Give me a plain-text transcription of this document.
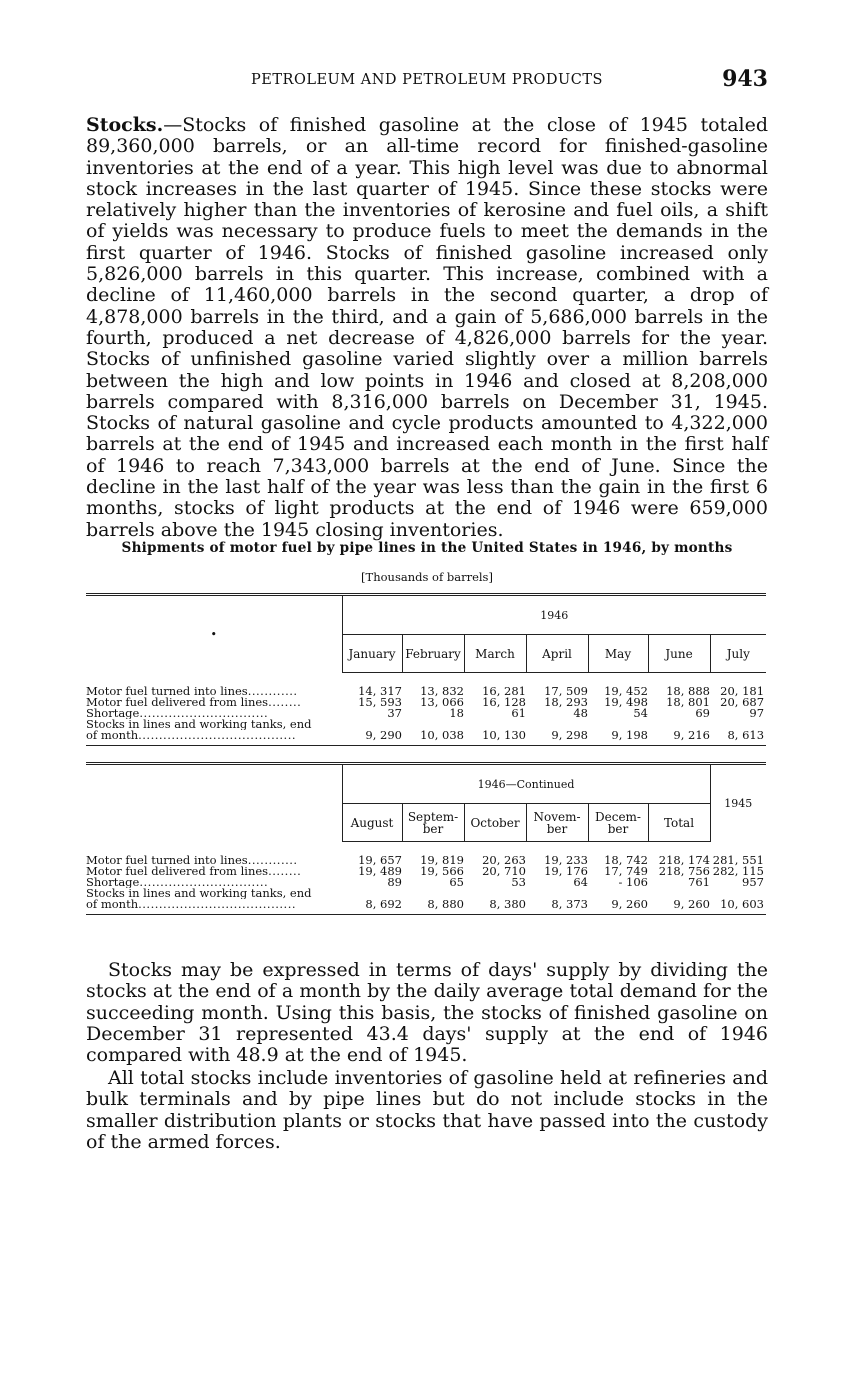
PETROLEUM AND PETROLEUM PRODUCTS	943

Stocks.—Stocks of finished gasoline at the close of 1945 totaled 89,360,000 barrels, or an all-time record for finished-gasoline inventories at the end of a year. This high level was due to abnormal stock increases in the last quarter of 1945. Since these stocks were relatively higher than the inventories of kerosine and fuel oils, a shift of yields was necessary to produce fuels to meet the demands in the first quarter of 1946. Stocks of finished gasoline increased only 5,826,000 barrels in this quarter. This increase, combined with a decline of 11,460,000 barrels in the second quarter, a drop of 4,878,000 barrels in the third, and a gain of 5,686,000 barrels in the fourth, produced a net decrease of 4,826,000 barrels for the year. Stocks of unfinished gasoline varied slightly over a million barrels between the high and low points in 1946 and closed at 8,208,000 barrels compared with 8,316,000 barrels on December 31, 1945. Stocks of natural gasoline and cycle products amounted to 4,322,000 barrels at the end of 1945 and increased each month in the first half of 1946 to reach 7,343,000 barrels at the end of June. Since the decline in the last half of the year was less than the gain in the first 6 months, stocks of light products at the end of 1946 were 659,000 barrels above the 1945 closing inventories.

Shipments of motor fuel by pipe lines in the United States in 1946, by months
[Thousands of barrels]
•	1946						
	January	February	March	April	May	June	July

Motor fuel turned into lines............	14, 317	13, 832	16, 281	17, 509	19, 452	18, 888	20, 181
Motor fuel delivered from lines........	15, 593	13, 066	16, 128	18, 293	19, 498	18, 801	20, 687
Shortage...............................	37	18	61	48	54	69	97
Stocks in lines and working tanks, end							
of month......................................	9, 290	10, 038	10, 130	9, 298	9, 198	9, 216	8, 613
	1946—Continued						1945
	August	Septem-
ber	October	Novem-
ber	Decem-
ber	Total	

Motor fuel turned into lines............	19, 657	19, 819	20, 263	19, 233	18, 742	218, 174	281, 551
Motor fuel delivered from lines........	19, 489	19, 566	20, 710	19, 176	17, 749	218, 756	282, 115
Shortage...............................	89	65	53	64	- 106	761	957
Stocks in lines and working tanks, end							
of month......................................	8, 692	8, 880	8, 380	8, 373	9, 260	9, 260	10, 603

Stocks may be expressed in terms of days' supply by dividing the stocks at the end of a month by the daily average total demand for the succeeding month. Using this basis, the stocks of finished gasoline on December 31 represented 43.4 days' supply at the end of 1946 compared with 48.9 at the end of 1945.

All total stocks include inventories of gasoline held at refineries and bulk terminals and by pipe lines but do not include stocks in the smaller distribution plants or stocks that have passed into the custody of the armed forces.
